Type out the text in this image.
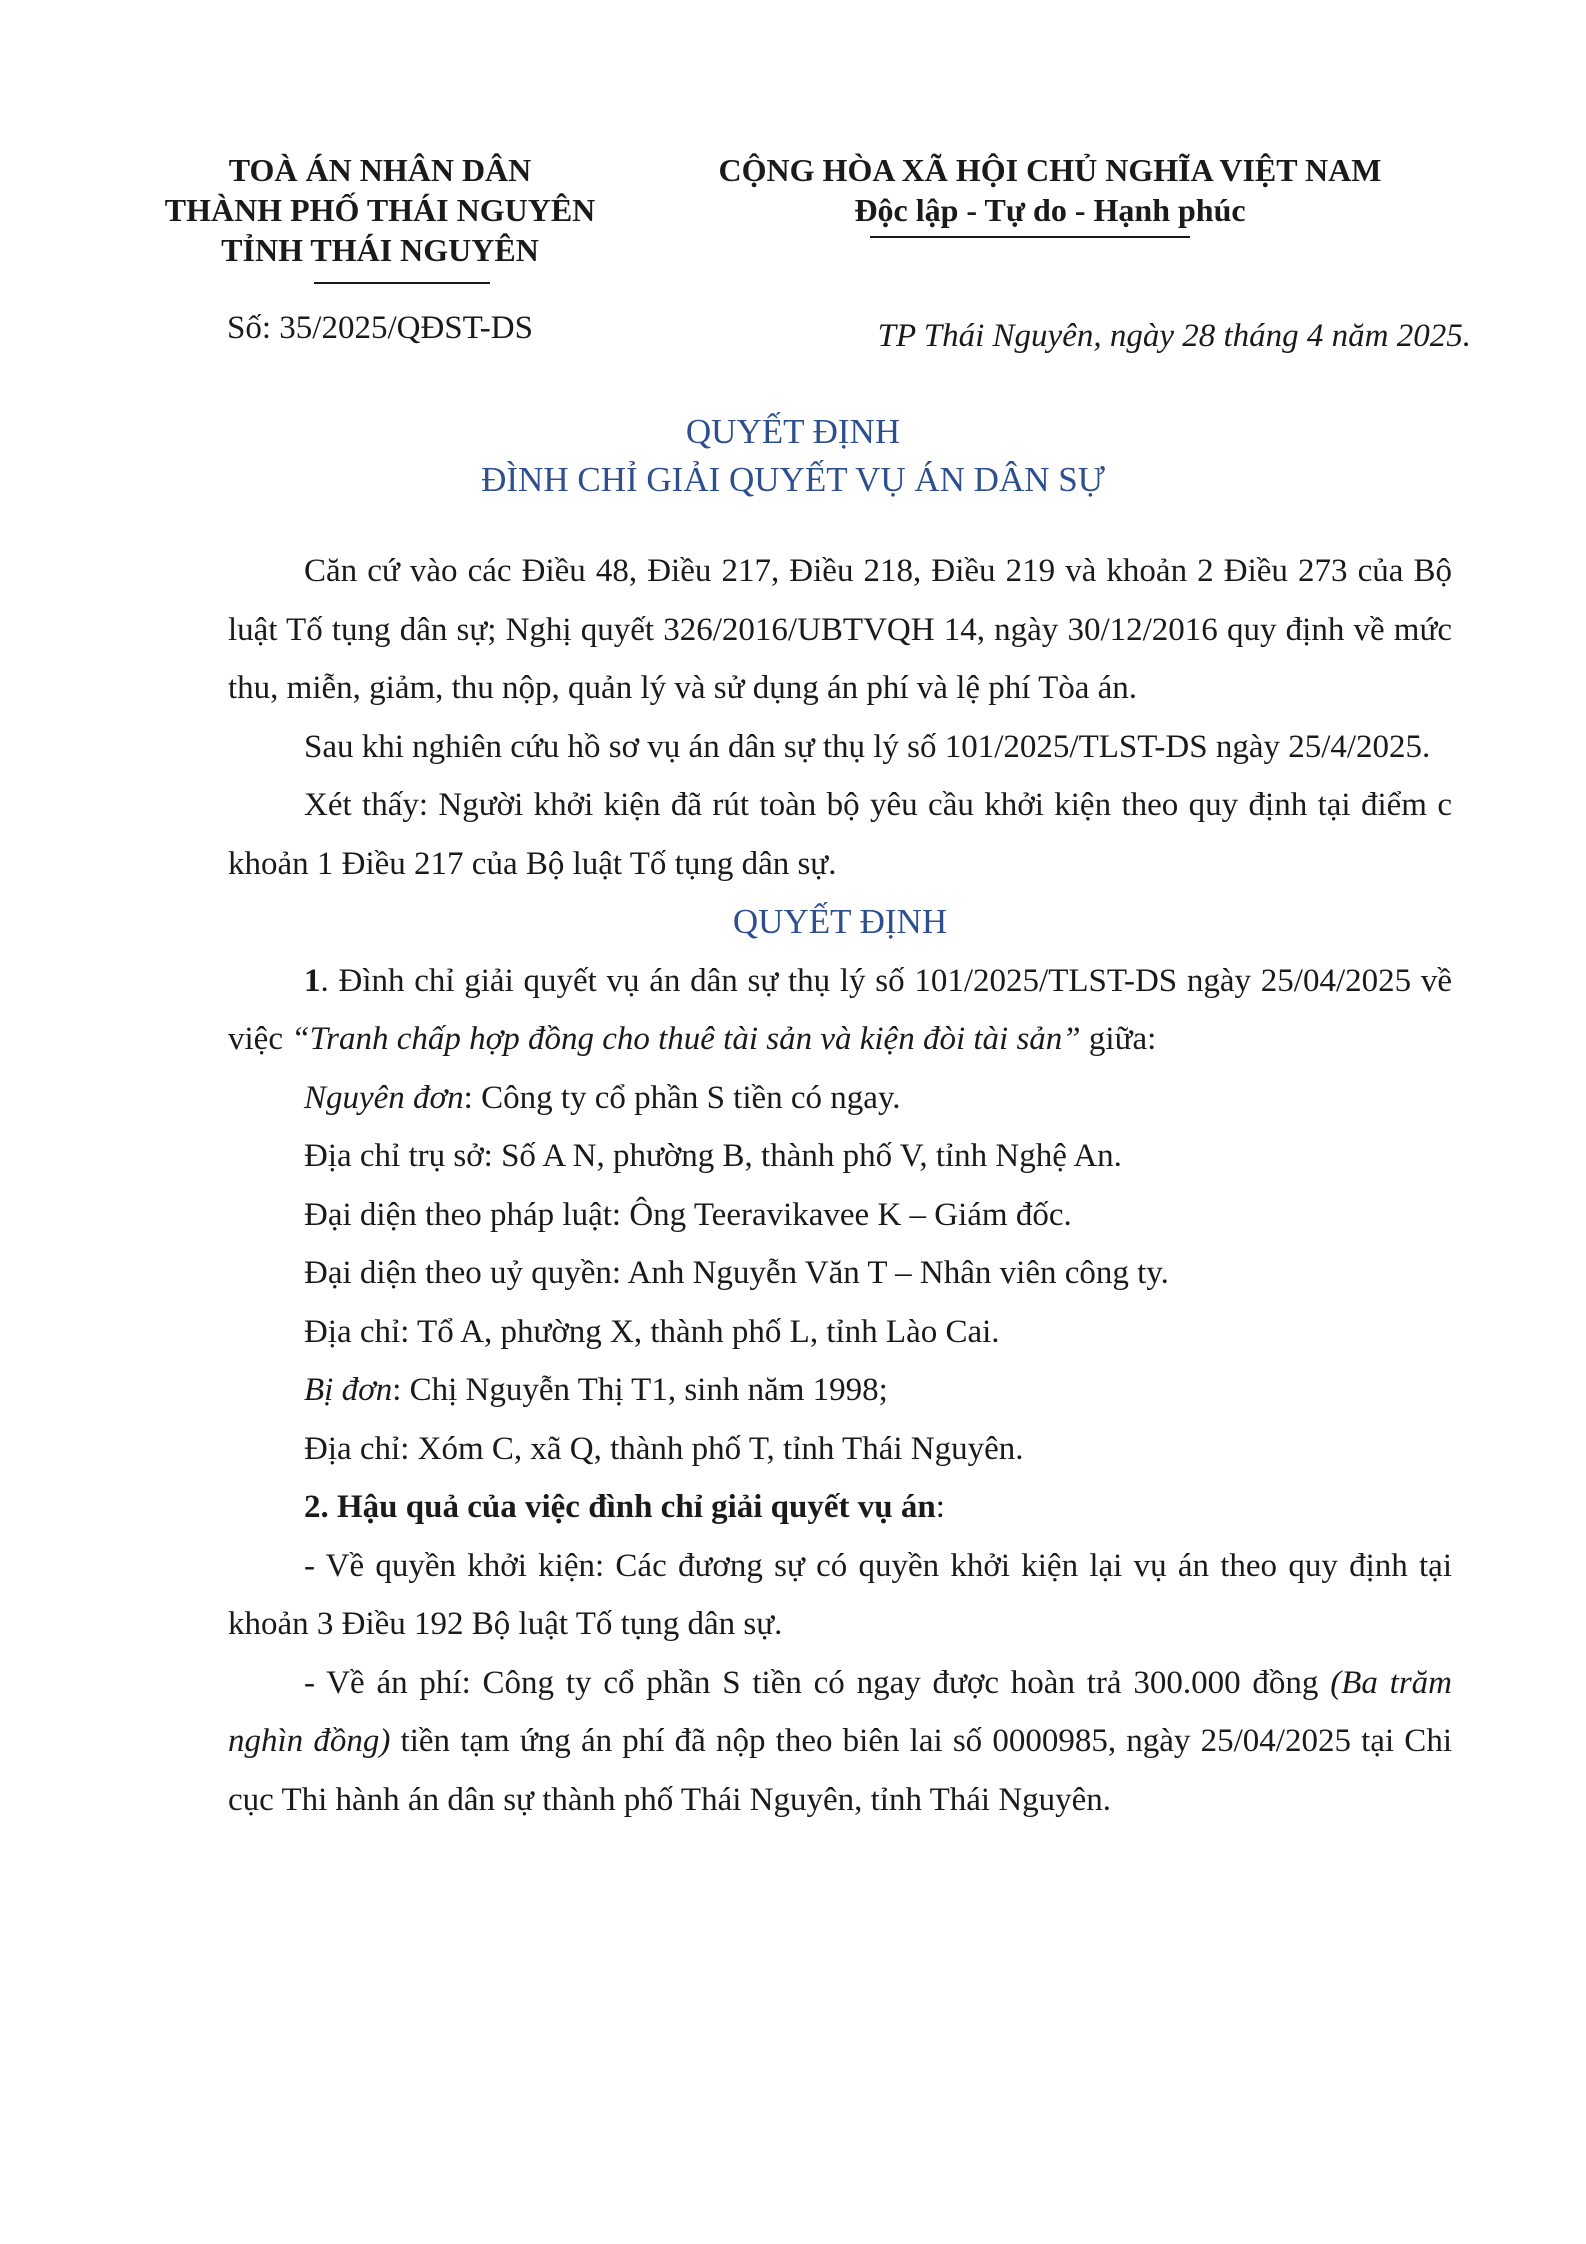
TOÀ ÁN NHÂN DÂN
THÀNH PHỐ THÁI NGUYÊN
TỈNH THÁI NGUYÊN
CỘNG HÒA XÃ HỘI CHỦ NGHĨA VIỆT NAM
Độc lập - Tự do - Hạnh phúc
Số: 35/2025/QĐST-DS	TP Thái Nguyên, ngày 28 tháng 4 năm 2025.
QUYẾT ĐỊNH
ĐÌNH CHỈ GIẢI QUYẾT VỤ ÁN DÂN SỰ

Căn cứ vào các Điều 48, Điều 217, Điều 218, Điều 219 và khoản 2 Điều 273 của Bộ luật Tố tụng dân sự; Nghị quyết 326/2016/UBTVQH 14, ngày 30/12/2016 quy định về mức thu, miễn, giảm, thu nộp, quản lý và sử dụng án phí và lệ phí Tòa án.

Sau khi nghiên cứu hồ sơ vụ án dân sự thụ lý số 101/2025/TLST-DS ngày 25/4/2025.

Xét thấy: Người khởi kiện đã rút toàn bộ yêu cầu khởi kiện theo quy định tại điểm c khoản 1 Điều 217 của Bộ luật Tố tụng dân sự.

QUYẾT ĐỊNH

1. Đình chỉ giải quyết vụ án dân sự thụ lý số 101/2025/TLST-DS ngày 25/04/2025 về việc “Tranh chấp hợp đồng cho thuê tài sản và kiện đòi tài sản” giữa:

Nguyên đơn: Công ty cổ phần S tiền có ngay.

Địa chỉ trụ sở: Số A N, phường B, thành phố V, tỉnh Nghệ An.

Đại diện theo pháp luật: Ông Teeravikavee K – Giám đốc.

Đại diện theo uỷ quyền: Anh Nguyễn Văn T – Nhân viên công ty.

Địa chỉ: Tổ A, phường X, thành phố L, tỉnh Lào Cai.

Bị đơn: Chị Nguyễn Thị T1, sinh năm 1998;

Địa chỉ: Xóm C, xã Q, thành phố T, tỉnh Thái Nguyên.

2. Hậu quả của việc đình chỉ giải quyết vụ án:

- Về quyền khởi kiện: Các đương sự có quyền khởi kiện lại vụ án theo quy định tại khoản 3 Điều 192 Bộ luật Tố tụng dân sự.

- Về án phí: Công ty cổ phần S tiền có ngay được hoàn trả 300.000 đồng (Ba trăm nghìn đồng) tiền tạm ứng án phí đã nộp theo biên lai số 0000985, ngày 25/04/2025 tại Chi cục Thi hành án dân sự thành phố Thái Nguyên, tỉnh Thái Nguyên.
